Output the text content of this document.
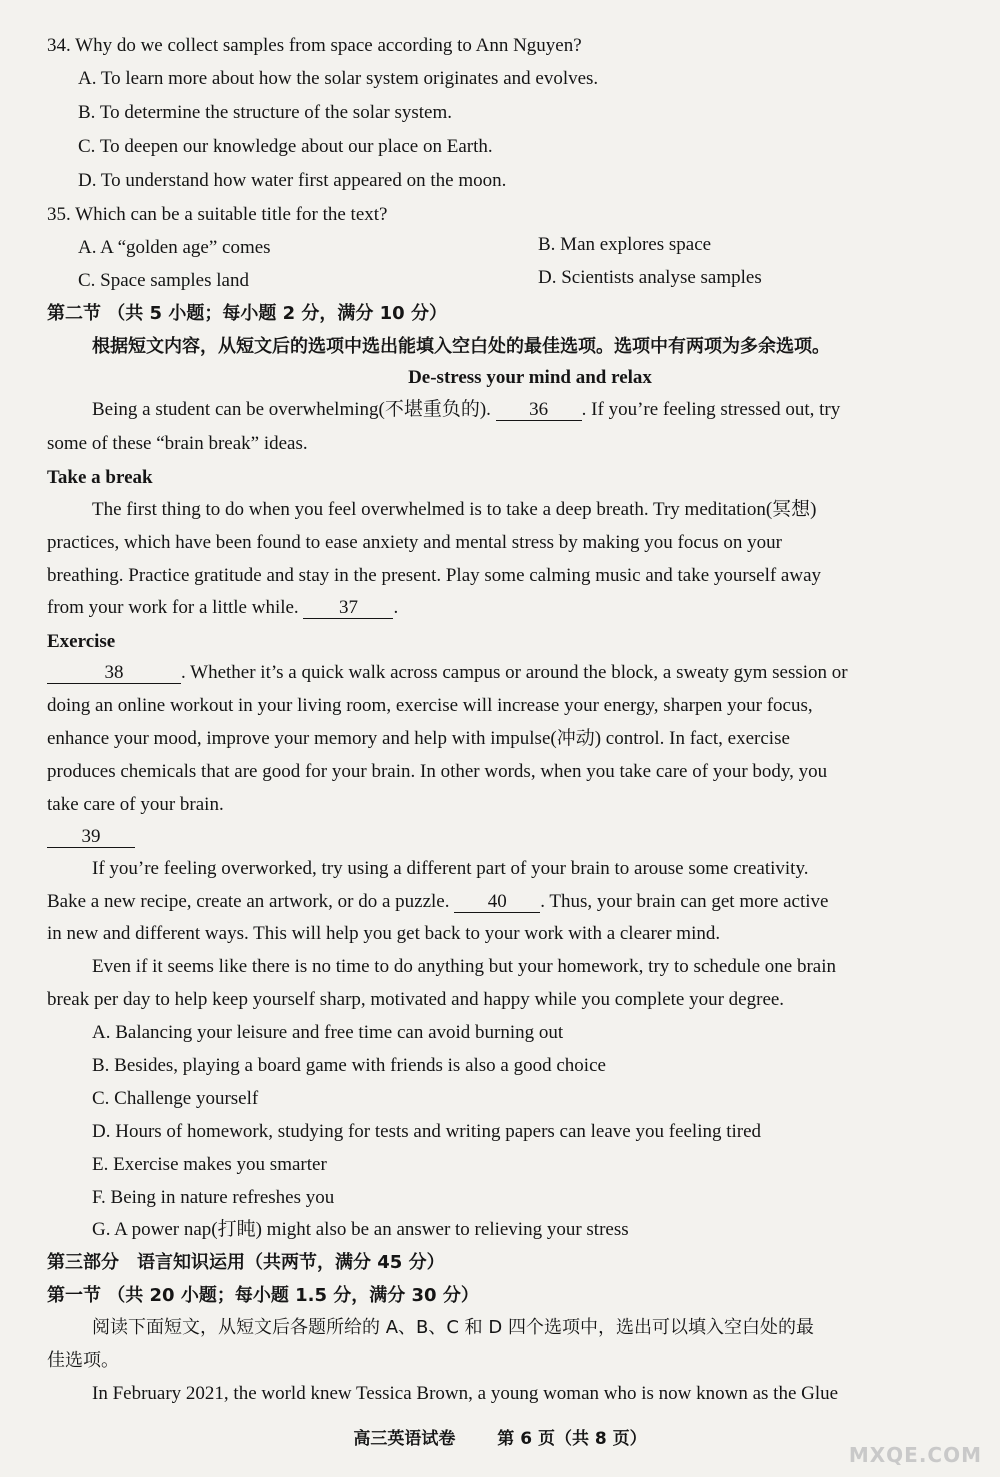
34. Why do we collect samples from space according to Ann Nguyen?
A. To learn more about how the solar system originates and evolves.
B. To determine the structure of the solar system.
C. To deepen our knowledge about our place on Earth.
D. To understand how water first appeared on the moon.
35. Which can be a suitable title for the text?
A. A “golden age” comes	B. Man explores space
C. Space samples land	D. Scientists analyse samples
第二节 （共 5 小题；每小题 2 分，满分 10 分）
根据短文内容，从短文后的选项中选出能填入空白处的最佳选项。选项中有两项为多余选项。
De-stress your mind and relax
Being a student can be overwhelming(不堪重负的). 36 . If you’re feeling stressed out, try
some of these “brain break” ideas.
Take a break
The first thing to do when you feel overwhelmed is to take a deep breath. Try meditation(冥想)
practices, which have been found to ease anxiety and mental stress by making you focus on your
breathing. Practice gratitude and stay in the present. Play some calming music and take yourself away
from your work for a little while. 37 .
Exercise
38	. Whether it’s a quick walk across campus or around the block, a sweaty gym session or
doing an online workout in your living room, exercise will increase your energy, sharpen your focus,
enhance your mood, improve your memory and help with impulse(冲动) control. In fact, exercise
produces chemicals that are good for your brain. In other words, when you take care of your body, you
take care of your brain.
39
If you’re feeling overworked, try using a different part of your brain to arouse some creativity.
Bake a new recipe, create an artwork, or do a puzzle. 40 . Thus, your brain can get more active
in new and different ways. This will help you get back to your work with a clearer mind.
Even if it seems like there is no time to do anything but your homework, try to schedule one brain
break per day to help keep yourself sharp, motivated and happy while you complete your degree.
A. Balancing your leisure and free time can avoid burning out
B. Besides, playing a board game with friends is also a good choice
C. Challenge yourself
D. Hours of homework, studying for tests and writing papers can leave you feeling tired
E. Exercise makes you smarter
F. Being in nature refreshes you
G. A power nap(打盹) might also be an answer to relieving your stress
第三部分　语言知识运用（共两节，满分 45 分）
第一节 （共 20 小题；每小题 1.5 分，满分 30 分）
阅读下面短文，从短文后各题所给的 A、B、C 和 D 四个选项中，选出可以填入空白处的最
佳选项。
In February 2021, the world knew Tessica Brown, a young woman who is now known as the Glue
高三英语试卷 第 6 页（共 8 页）
MXQE.COM
